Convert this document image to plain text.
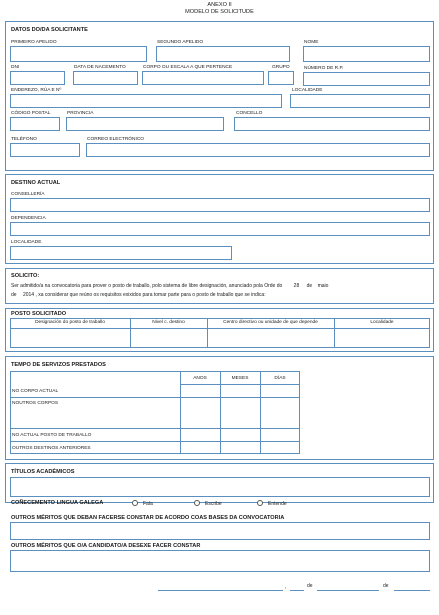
ANEXO II
MODELO DE SOLICITUDE
DATOS DO/DA SOLICITANTE
PRIMEIRO APELIDO	SEGUNDO APELIDO	NOME
DNI	DATA DE NACEMENTO	CORPO OU ESCALA A QUE PERTENCE	GRUPO	NÚMERO DE R.P.
ENDEREZO, RÚA E Nº	LOCALIDADE
CÓDIGO POSTAL	PROVINCIA	CONCELLO
TELÉFONO	CORREO ELECTRÓNICO
DESTINO ACTUAL
CONSELLERÍA
DEPENDENCIA
LOCALIDADE
SOLICITO:
Ser admitido/a na convocatoria para prover o posto de traballo, polo sistema de libre designación, anunciado pola Orde do 28 de maio
de 2014 , xa considerar que reúno os requisitos exixidos para tomar parte para o posto de traballo que se indica:
POSTO SOLICITADO
Designación do posto de traballo	Nivel c. destino	Centro directivo ou unidade de que depende	Localidade
TEMPO DE SERVIZOS PRESTADOS
ANOS	MESES	DÍAS
NO CORPO ACTUAL
NOUTROS CORPOS
NO ACTUAL POSTO DE TRABALLO
OUTROS DESTINOS ANTERIORES
TÍTULOS ACADÉMICOS
COÑECEMENTO LINGUA GALEGA	Fala	Escribe	Entende
OUTROS MÉRITOS QUE DEBAN FACERSE CONSTAR DE ACORDO COAS BASES DA CONVOCATORIA
OUTROS MÉRITOS QUE O/A CANDIDATO/A DESEXE FACER CONSTAR
,	de	de
